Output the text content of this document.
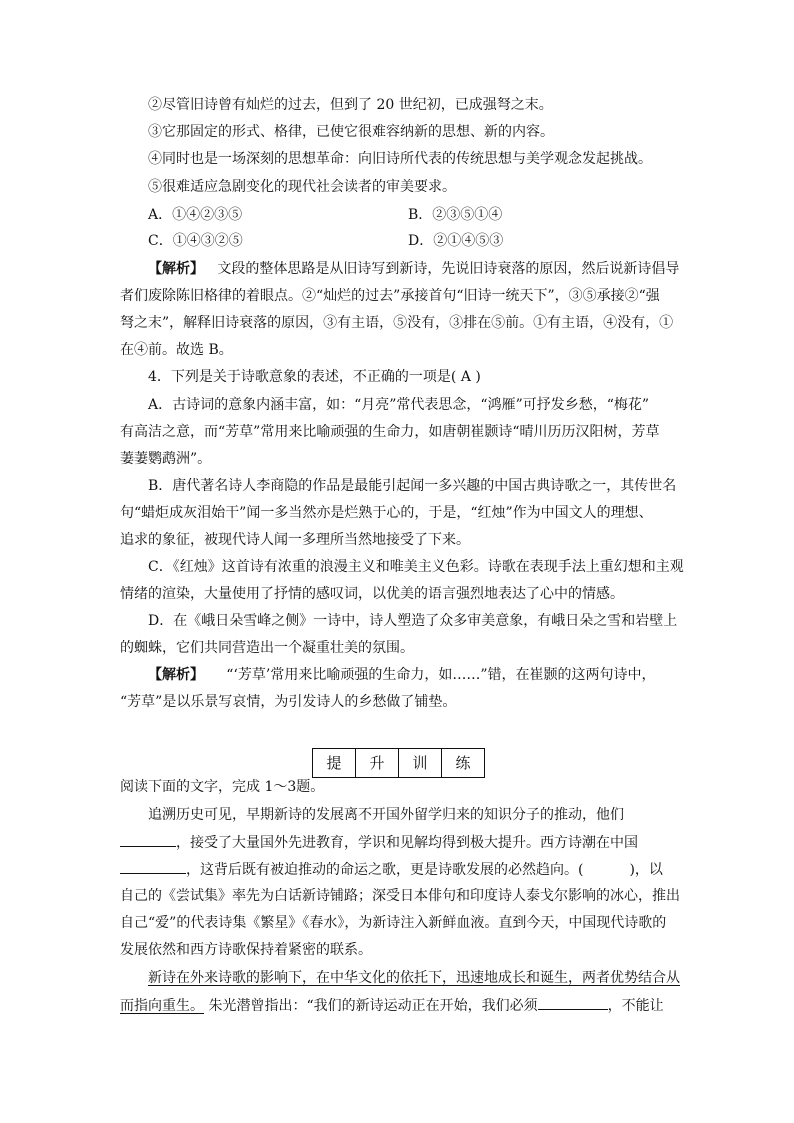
②尽管旧诗曾有灿烂的过去，但到了 20 世纪初，已成强弩之末。
③它那固定的形式、格律，已使它很难容纳新的思想、新的内容。
④同时也是一场深刻的思想革命：向旧诗所代表的传统思想与美学观念发起挑战。
⑤很难适应急剧变化的现代社会读者的审美要求。
A．①④②③⑤	B．②③⑤①④
C．①④③②⑤	D．②①④⑤③
【解析】 文段的整体思路是从旧诗写到新诗，先说旧诗衰落的原因，然后说新诗倡导
者们废除陈旧格律的着眼点。②“灿烂的过去”承接首句“旧诗一统天下”，③⑤承接②“强
弩之末”，解释旧诗衰落的原因，③有主语，⑤没有，③排在⑤前。①有主语，④没有，①
在④前。故选 B。
4．下列是关于诗歌意象的表述，不正确的一项是( A )
A．古诗词的意象内涵丰富，如：“月亮”常代表思念，“鸿雁”可抒发乡愁，“梅花”
有高洁之意，而“芳草”常用来比喻顽强的生命力，如唐朝崔颢诗“晴川历历汉阳树，芳草
萋萋鹦鹉洲”。
B．唐代著名诗人李商隐的作品是最能引起闻一多兴趣的中国古典诗歌之一，其传世名
句“蜡炬成灰泪始干”闻一多当然亦是烂熟于心的，于是，“红烛”作为中国文人的理想、
追求的象征，被现代诗人闻一多理所当然地接受了下来。
C．《红烛》这首诗有浓重的浪漫主义和唯美主义色彩。诗歌在表现手法上重幻想和主观
情绪的渲染，大量使用了抒情的感叹词，以优美的语言强烈地表达了心中的情感。
D．在《峨日朵雪峰之侧》一诗中，诗人塑造了众多审美意象，有峨日朵之雪和岩壁上
的蜘蛛，它们共同营造出一个凝重壮美的氛围。
【解析】 “‘芳草’常用来比喻顽强的生命力，如……”错，在崔颢的这两句诗中，
“芳草”是以乐景写哀情，为引发诗人的乡愁做了铺垫。
提	升	训	练
阅读下面的文字，完成 1～3题。
追溯历史可见，早期新诗的发展离不开国外留学归来的知识分子的推动，他们
，接受了大量国外先进教育，学识和见解均得到极大提升。西方诗潮在中国
，这背后既有被迫推动的命运之歌，更是诗歌发展的必然趋向。(	)，以
自己的《尝试集》率先为白话新诗铺路；深受日本俳句和印度诗人泰戈尔影响的冰心，推出
自己“爱”的代表诗集《繁星》《春水》，为新诗注入新鲜血液。直到今天，中国现代诗歌的
发展依然和西方诗歌保持着紧密的联系。
新诗在外来诗歌的影响下，在中华文化的依托下，迅速地成长和诞生，两者优势结合从
而指向重生。 朱光潜曾指出：“我们的新诗运动正在开始，我们必须	，不能让
